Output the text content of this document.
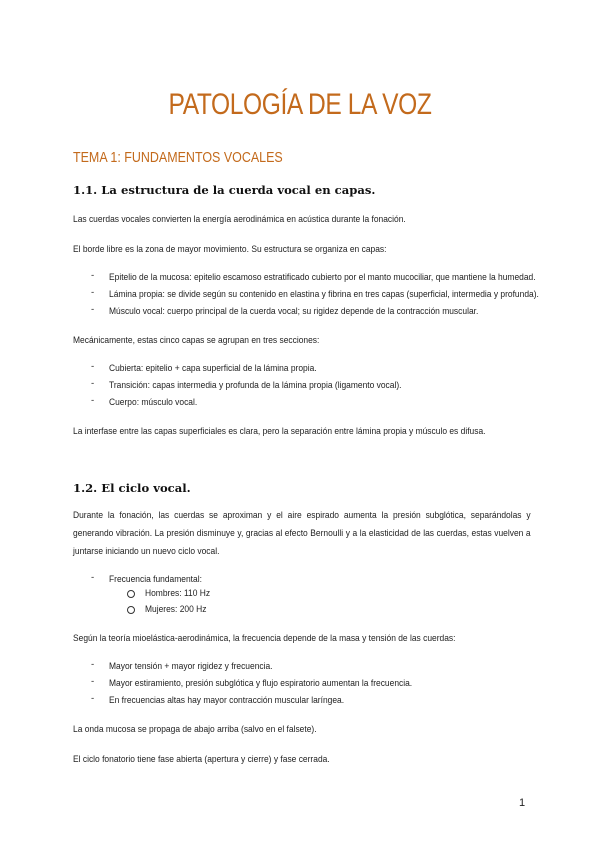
PATOLOGÍA DE LA VOZ
TEMA 1: FUNDAMENTOS VOCALES
1.1. La estructura de la cuerda vocal en capas.
Las cuerdas vocales convierten la energía aerodinámica en acústica durante la fonación.
El borde libre es la zona de mayor movimiento. Su estructura se organiza en capas:
- Epitelio de la mucosa: epitelio escamoso estratificado cubierto por el manto mucociliar, que mantiene la humedad.
- Lámina propia: se divide según su contenido en elastina y fibrina en tres capas (superficial, intermedia y profunda).
- Músculo vocal: cuerpo principal de la cuerda vocal; su rigidez depende de la contracción muscular.
Mecánicamente, estas cinco capas se agrupan en tres secciones:
- Cubierta: epitelio + capa superficial de la lámina propia.
- Transición: capas intermedia y profunda de la lámina propia (ligamento vocal).
- Cuerpo: músculo vocal.
La interfase entre las capas superficiales es clara, pero la separación entre lámina propia y músculo es difusa.
1.2. El ciclo vocal.
Durante la fonación, las cuerdas se aproximan y el aire espirado aumenta la presión subglótica, separándolas y generando vibración. La presión disminuye y, gracias al efecto Bernoulli y a la elasticidad de las cuerdas, estas vuelven a juntarse iniciando un nuevo ciclo vocal.
- Frecuencia fundamental:
Hombres: 110 Hz
Mujeres: 200 Hz
Según la teoría mioelástica-aerodinámica, la frecuencia depende de la masa y tensión de las cuerdas:
- Mayor tensión + mayor rigidez y frecuencia.
- Mayor estiramiento, presión subglótica y flujo espiratorio aumentan la frecuencia.
- En frecuencias altas hay mayor contracción muscular laríngea.
La onda mucosa se propaga de abajo arriba (salvo en el falsete).
El ciclo fonatorio tiene fase abierta (apertura y cierre) y fase cerrada.
1
